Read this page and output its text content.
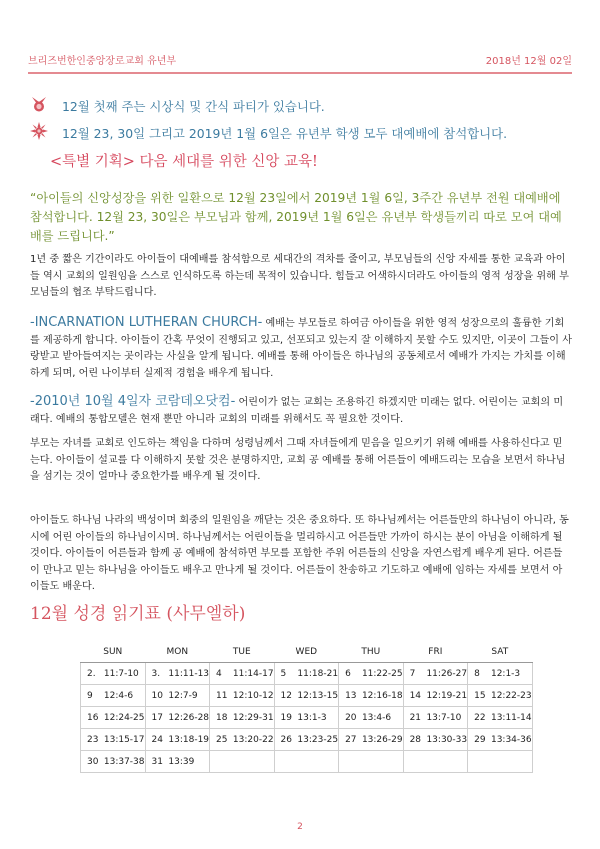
브리즈번한인중앙장로교회 유년부	2018년 12월 02일
12월 첫째 주는 시상식 및 간식 파티가 있습니다.
12월 23, 30일 그리고 2019년 1월 6일은 유년부 학생 모두 대예배에 참석합니다.
<특별 기획> 다음 세대를 위한 신앙 교육!
“아이들의 신앙성장을 위한 일환으로 12월 23일에서 2019년 1월 6일, 3주간 유년부 전원 대예배에 참석합니다. 12월 23, 30일은 부모님과 함께, 2019년 1월 6일은 유년부 학생들끼리 따로 모여 대예배를 드립니다.”
1년 중 짧은 기간이라도 아이들이 대예배를 참석함으로 세대간의 격차를 줄이고, 부모님들의 신앙 자세를 통한 교육과 아이들 역시 교회의 일원임을 스스로 인식하도록 하는데 목적이 있습니다. 힘들고 어색하시더라도 아이들의 영적 성장을 위해 부모님들의 협조 부탁드립니다.
-INCARNATION LUTHERAN CHURCH- 예배는 부모들로 하여금 아이들을 위한 영적 성장으로의 훌륭한 기회를 제공하게 합니다. 아이들이 간혹 무엇이 진행되고 있고, 선포되고 있는지 잘 이해하지 못할 수도 있지만, 이곳이 그들이 사랑받고 받아들여지는 곳이라는 사실을 알게 됩니다. 예배를 통해 아이들은 하나님의 공동체로서 예배가 가지는 가치를 이해하게 되며, 어린 나이부터 실제적 경험을 배우게 됩니다.
-2010년 10월 4일자 코람데오닷컴- 어린이가 없는 교회는 조용하긴 하겠지만 미래는 없다. 어린이는 교회의 미래다. 예배의 통합모델은 현재 뿐만 아니라 교회의 미래를 위해서도 꼭 필요한 것이다.
부모는 자녀를 교회로 인도하는 책임을 다하며 성령님께서 그때 자녀들에게 믿음을 일으키기 위해 예배를 사용하신다고 믿는다. 아이들이 설교를 다 이해하지 못할 것은 분명하지만, 교회 공 예배를 통해 어른들이 예배드리는 모습을 보면서 하나님을 섬기는 것이 얼마나 중요한가를 배우게 될 것이다.
아이들도 하나님 나라의 백성이며 회중의 일원임을 깨닫는 것은 중요하다. 또 하나님께서는 어른들만의 하나님이 아니라, 동시에 어린 아이들의 하나님이시며. 하나님께서는 어린이들을 멀리하시고 어른들만 가까이 하시는 분이 아님을 이해하게 될 것이다. 아이들이 어른들과 함께 공 예배에 참석하면 부모를 포함한 주위 어른들의 신앙을 자연스럽게 배우게 된다. 어른들이 만나고 믿는 하나님을 아이들도 배우고 만나게 될 것이다. 어른들이 찬송하고 기도하고 예배에 임하는 자세를 보면서 아이들도 배운다.
12월 성경 읽기표 (사무엘하)
SUN	MON	TUE	WED	THU	FRI	SAT
2. 11:7-10	3. 11:11-13	4 11:14-17	5 11:18-21	6 11:22-25	7 11:26-27	8 12:1-3
9 12:4-6	10 12:7-9	11 12:10-12	12 12:13-15	13 12:16-18	14 12:19-21	15 12:22-23
16 12:24-25	17 12:26-28	18 12:29-31	19 13:1-3	20 13:4-6	21 13:7-10	22 13:11-14
23 13:15-17	24 13:18-19	25 13:20-22	26 13:23-25	27 13:26-29	28 13:30-33	29 13:34-36
30 13:37-38	31 13:39					
2
